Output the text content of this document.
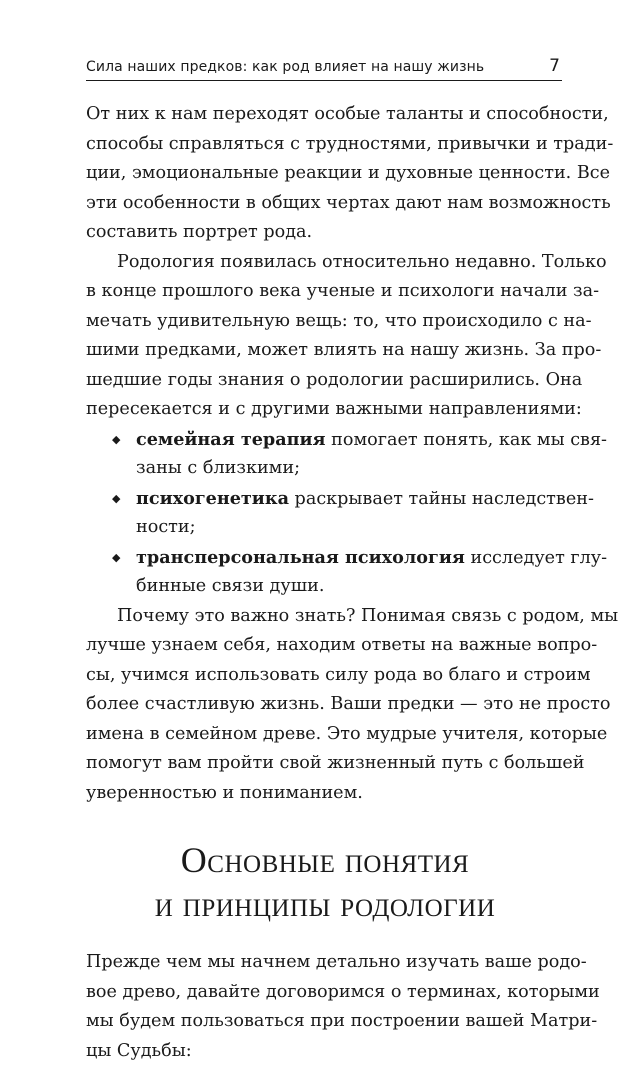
Сила наших предков: как род влияет на нашу жизнь	7
От них к нам переходят особые таланты и способности,
способы справляться с трудностями, привычки и тради-
ции, эмоциональные реакции и духовные ценности. Все
эти особенности в общих чертах дают нам возможность
составить портрет рода.
Родология появилась относительно недавно. Только
в конце прошлого века ученые и психологи начали за-
мечать удивительную вещь: то, что происходило с на-
шими предками, может влиять на нашу жизнь. За про-
шедшие годы знания о родологии расширились. Она
пересекается и с другими важными направлениями:
◆ семейная терапия помогает понять, как мы свя-
заны с близкими;
◆ психогенетика раскрывает тайны наследствен-
ности;
◆ трансперсональная психология исследует глу-
бинные связи души.
Почему это важно знать? Понимая связь с родом, мы
лучше узнаем себя, находим ответы на важные вопро-
сы, учимся использовать силу рода во благо и строим
более счастливую жизнь. Ваши предки — это не просто
имена в семейном древе. Это мудрые учителя, которые
помогут вам пройти свой жизненный путь с большей
уверенностью и пониманием.
Основные понятия
и принципы родологии
Прежде чем мы начнем детально изучать ваше родо-
вое древо, давайте договоримся о терминах, которыми
мы будем пользоваться при построении вашей Матри-
цы Судьбы:
